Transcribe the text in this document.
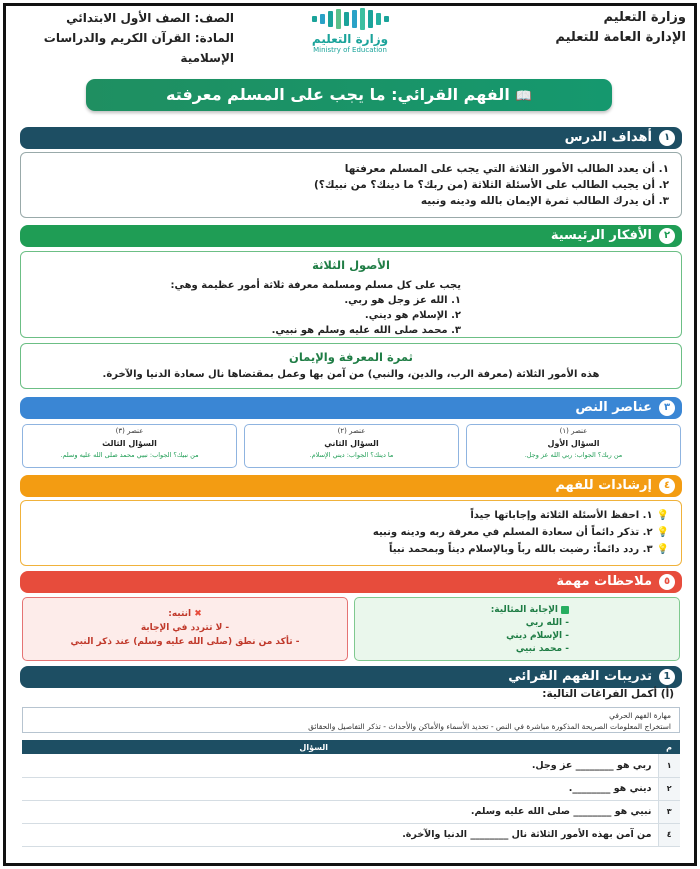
وزارة التعليم
الإدارة العامة للتعليم
وزارة التعليم
Ministry of Education
الصف: الصف الأول الابتدائي
المادة: القرآن الكريم والدراسات الإسلامية
📖الفهم القرائي: ما يجب على المسلم معرفته
١
أهداف الدرس
١. أن يعدد الطالب الأمور الثلاثة التي يجب على المسلم معرفتها
٢. أن يجيب الطالب على الأسئلة الثلاثة (من ربك؟ ما دينك؟ من نبيك؟)
٣. أن يدرك الطالب ثمرة الإيمان بالله ودينه ونبيه
٢
الأفكار الرئيسية
الأصول الثلاثة
يجب على كل مسلم ومسلمة معرفة ثلاثة أمور عظيمة وهي:
١. الله عز وجل هو ربي.
٢. الإسلام هو ديني.
٣. محمد صلى الله عليه وسلم هو نبيي.
ثمرة المعرفة والإيمان
هذه الأمور الثلاثة (معرفة الرب، والدين، والنبي) من آمن بها وعمل بمقتضاها نال سعادة الدنيا والآخرة.
٣
عناصر النص
عنصر (١)
السؤال الأول
من ربك؟ الجواب: ربي الله عز وجل.
عنصر (٢)
السؤال الثاني
ما دينك؟ الجواب: ديني الإسلام.
عنصر (٣)
السؤال الثالث
من نبيك؟ الجواب: نبيي محمد صلى الله عليه وسلم.
٤
إرشادات للفهم
💡١. احفظ الأسئلة الثلاثة وإجاباتها جيداً
💡٢. تذكر دائماً أن سعادة المسلم في معرفة ربه ودينه ونبيه
💡٣. ردد دائماً: رضيت بالله رباً وبالإسلام ديناً وبمحمد نبياً
٥
ملاحظات مهمة
الإجابة المثالية:
- الله ربي
- الإسلام ديني
- محمد نبيي
✖ انتبه:
- لا تتردد في الإجابة
- تأكد من نطق (صلى الله عليه وسلم) عند ذكر النبي
1
تدريبات الفهم القرائي
(أ) أكمل الفراغات التالية:
مهارة الفهم الحرفي
استخراج المعلومات الصريحة المذكورة مباشرة في النص - تحديد الأسماء والأماكن والأحداث - تذكر التفاصيل والحقائق
م	السؤال
١	ربي هو ________ عز وجل.
٢	ديني هو ________.
٣	نبيي هو ________ صلى الله عليه وسلم.
٤	من آمن بهذه الأمور الثلاثة نال ________ الدنيا والآخرة.
